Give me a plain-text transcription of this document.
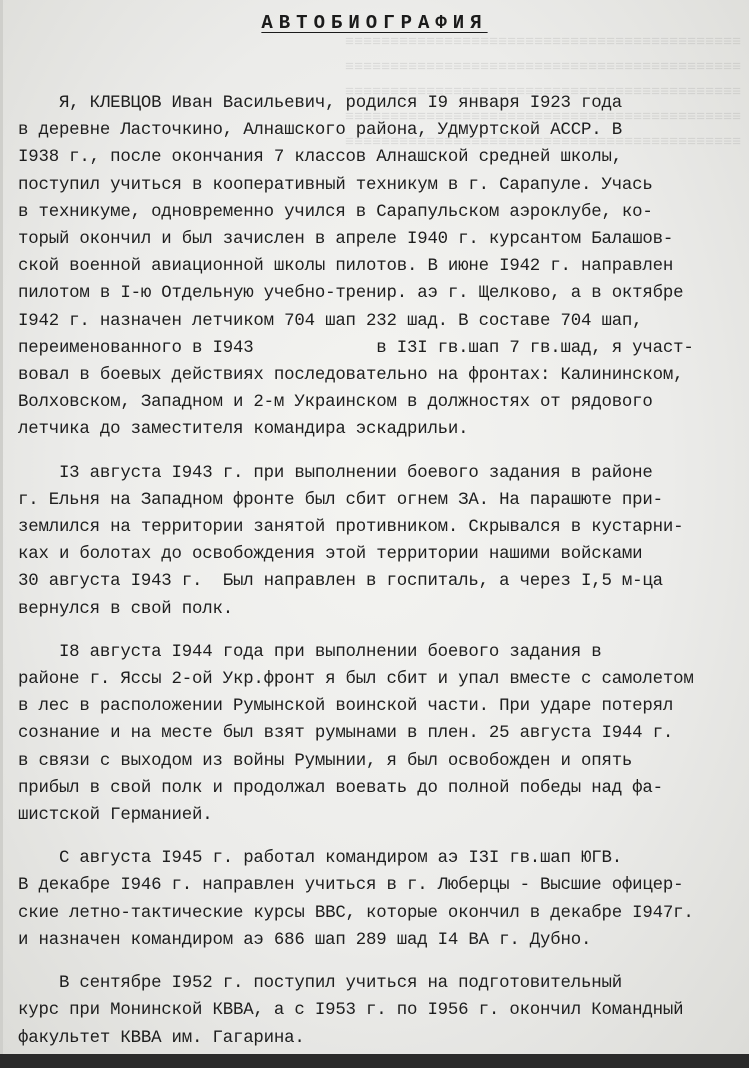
≡≡≡≡≡≡≡≡≡≡≡≡≡≡≡≡≡≡≡≡≡≡≡≡≡≡≡≡≡≡≡≡≡≡≡≡≡≡≡≡≡≡≡≡
≡≡≡≡≡≡≡≡≡≡≡≡≡≡≡≡≡≡≡≡≡≡≡≡≡≡≡≡≡≡≡≡≡≡≡≡≡≡≡≡≡≡≡≡
≡≡≡≡≡≡≡≡≡≡≡≡≡≡≡≡≡≡≡≡≡≡≡≡≡≡≡≡≡≡≡≡≡≡≡≡≡≡≡≡≡≡≡≡
≡≡≡≡≡≡≡≡≡≡≡≡≡≡≡≡≡≡≡≡≡≡≡≡≡≡≡≡≡≡≡≡≡≡≡≡≡≡≡≡≡≡≡≡
≡≡≡≡≡≡≡≡≡≡≡≡≡≡≡≡≡≡≡≡≡≡≡≡≡≡≡≡≡≡≡≡≡≡≡≡≡≡≡≡≡≡≡≡
АВТОБИОГРАФИЯ
Я, КЛЕВЦОВ Иван Васильевич, родился I9 января I923 года
в деревне Ласточкино, Алнашского района, Удмуртской АССР. В
I938 г., после окончания 7 классов Алнашской средней школы,
поступил учиться в кооперативный техникум в г. Сарапуле. Учась
в техникуме, одновременно учился в Сарапульском аэроклубе, ко-
торый окончил и был зачислен в апреле I940 г. курсантом Балашов-
ской военной авиационной школы пилотов. В июне I942 г. направлен
пилотом в I-ю Отдельную учебно-тренир. аэ г. Щелково, а в октябре
I942 г. назначен летчиком 704 шап 232 шад. В составе 704 шап,
переименованного в I943            в I3I гв.шап 7 гв.шад, я участ-
вовал в боевых действиях последовательно на фронтах: Калининском,
Волховском, Западном и 2-м Украинском в должностях от рядового
летчика до заместителя командира эскадрильи.
I3 августа I943 г. при выполнении боевого задания в районе
г. Ельня на Западном фронте был сбит огнем ЗА. На парашюте при-
землился на территории занятой противником. Скрывался в кустарни-
ках и болотах до освобождения этой территории нашими войсками
30 августа I943 г.  Был направлен в госпиталь, а через I,5 м-ца
вернулся в свой полк.
I8 августа I944 года при выполнении боевого задания в
районе г. Яссы 2-ой Укр.фронт я был сбит и упал вместе с самолетом
в лес в расположении Румынской воинской части. При ударе потерял
сознание и на месте был взят румынами в плен. 25 августа I944 г.
в связи с выходом из войны Румынии, я был освобожден и опять
прибыл в свой полк и продолжал воевать до полной победы над фа-
шистской Германией.
С августа I945 г. работал командиром аэ I3I гв.шап ЮГВ.
В декабре I946 г. направлен учиться в г. Люберцы - Высшие офицер-
ские летно-тактические курсы ВВС, которые окончил в декабре I947г.
и назначен командиром аэ 686 шап 289 шад I4 ВА г. Дубно.
В сентябре I952 г. поступил учиться на подготовительный
курс при Монинской КВВА, а с I953 г. по I956 г. окончил Командный
факультет КВВА им. Гагарина.
